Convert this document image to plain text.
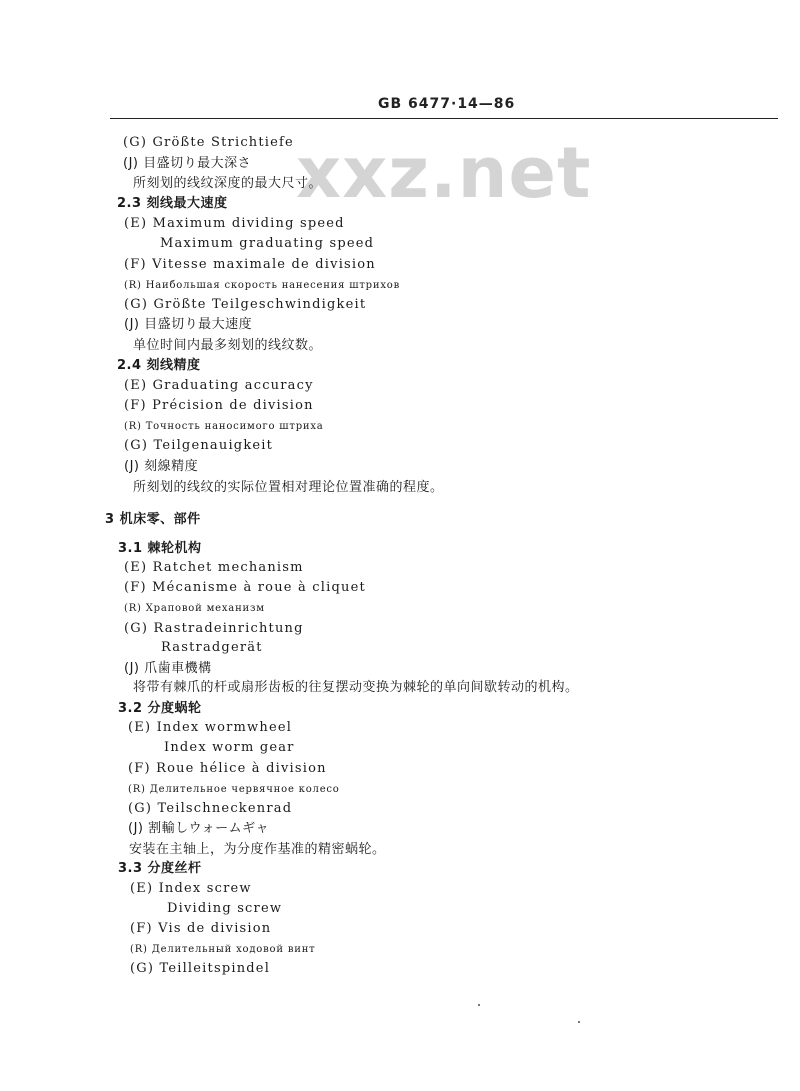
GB 6477·14—86
xxz.net
(G) Größte Strichtiefe
(J) 目盛切り最大深さ
所刻划的线纹深度的最大尺寸。
2.3 刻线最大速度
(E) Maximum dividing speed
Maximum graduating speed
(F) Vitesse maximale de division
(R) Наибольшая скорость нанесения штрихов
(G) Größte Teilgeschwindigkeit
(J) 目盛切り最大速度
单位时间内最多刻划的线纹数。
2.4 刻线精度
(E) Graduating accuracy
(F) Précision de division
(R) Точность наносимого штриха
(G) Teilgenauigkeit
(J) 刻線精度
所刻划的线纹的实际位置相对理论位置准确的程度。
3 机床零、部件
3.1 棘轮机构
(E) Ratchet mechanism
(F) Mécanisme à roue à cliquet
(R) Храповой механизм
(G) Rastradeinrichtung
Rastradgerät
(J) 爪歯車機構
将带有棘爪的杆或扇形齿板的往复摆动变换为棘轮的单向间歇转动的机构。
3.2 分度蜗轮
(E) Index wormwheel
Index worm gear
(F) Roue hélice à division
(R) Делительное червячное колесо
(G) Teilschneckenrad
(J) 割輸しウォームギャ
安装在主轴上，为分度作基准的精密蜗轮。
3.3 分度丝杆
(E) Index screw
Dividing screw
(F) Vis de division
(R) Делительный ходовой винт
(G) Teilleitspindel
